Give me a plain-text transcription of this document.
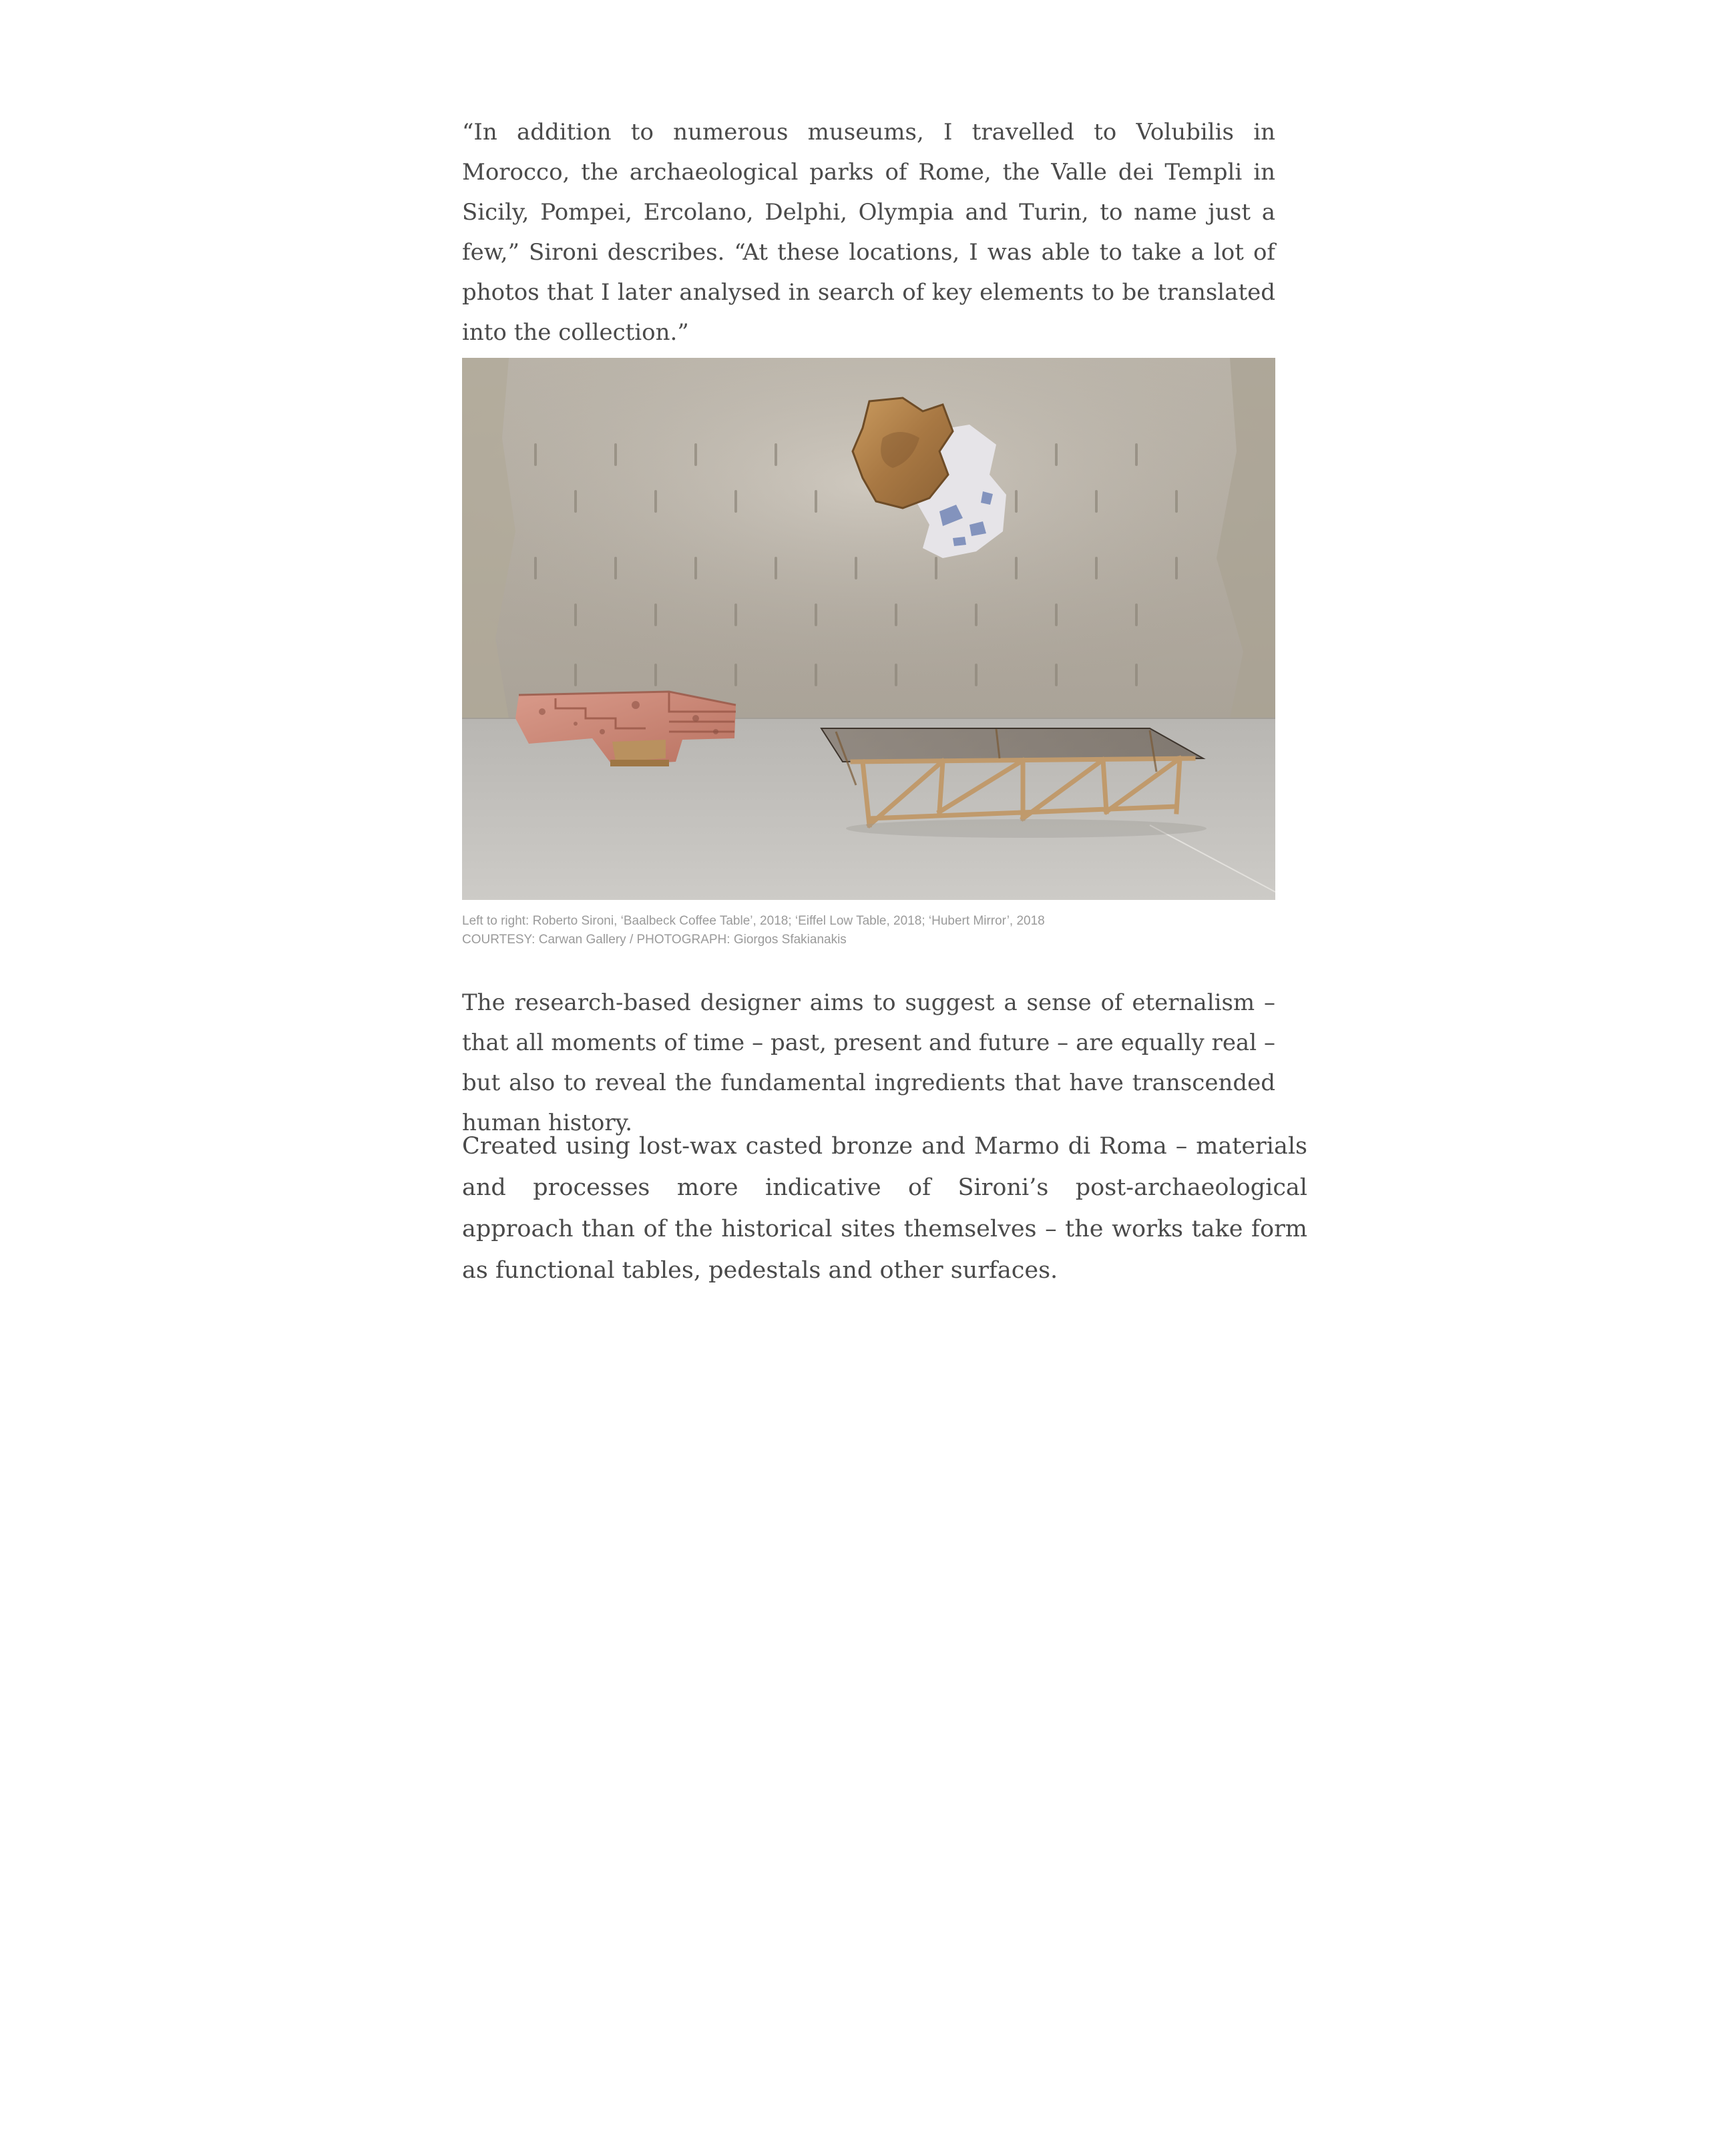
“In addition to numerous museums, I travelled to Volubilis in Morocco, the archaeological parks of Rome, the Valle dei Templi in Sicily, Pompei, Ercolano, Delphi, Olympia and Turin, to name just a few,” Sironi describes. “At these locations, I was able to take a lot of photos that I later analysed in search of key elements to be translated into the collection.”

Left to right: Roberto Sironi, ‘Baalbeck Coffee Table’, 2018; ‘Eiffel Low Table, 2018; ‘Hubert Mirror’, 2018
COURTESY: Carwan Gallery / PHOTOGRAPH: Giorgos Sfakianakis

The research-based designer aims to suggest a sense of eternalism – that all moments of time – past, present and future – are equally real – but also to reveal the fundamental ingredients that have transcended human history.

Created using lost-wax casted bronze and Marmo di Roma – materials and processes more indicative of Sironi’s post-archaeological approach than of the historical sites themselves – the works take form as functional tables, pedestals and other surfaces.
